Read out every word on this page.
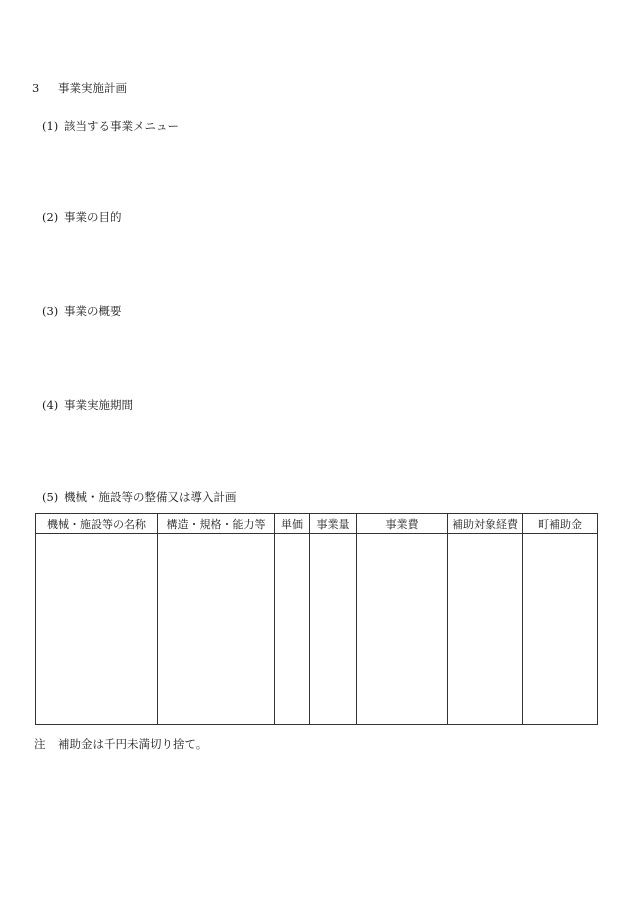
3 事業実施計画
(1) 該当する事業メニュー
(2) 事業の目的
(3) 事業の概要
(4) 事業実施期間
(5) 機械・施設等の整備又は導入計画
機械・施設等の名称	構造・規格・能力等	単価	事業量	事業費	補助対象経費	町補助金

注 補助金は千円未満切り捨て。
